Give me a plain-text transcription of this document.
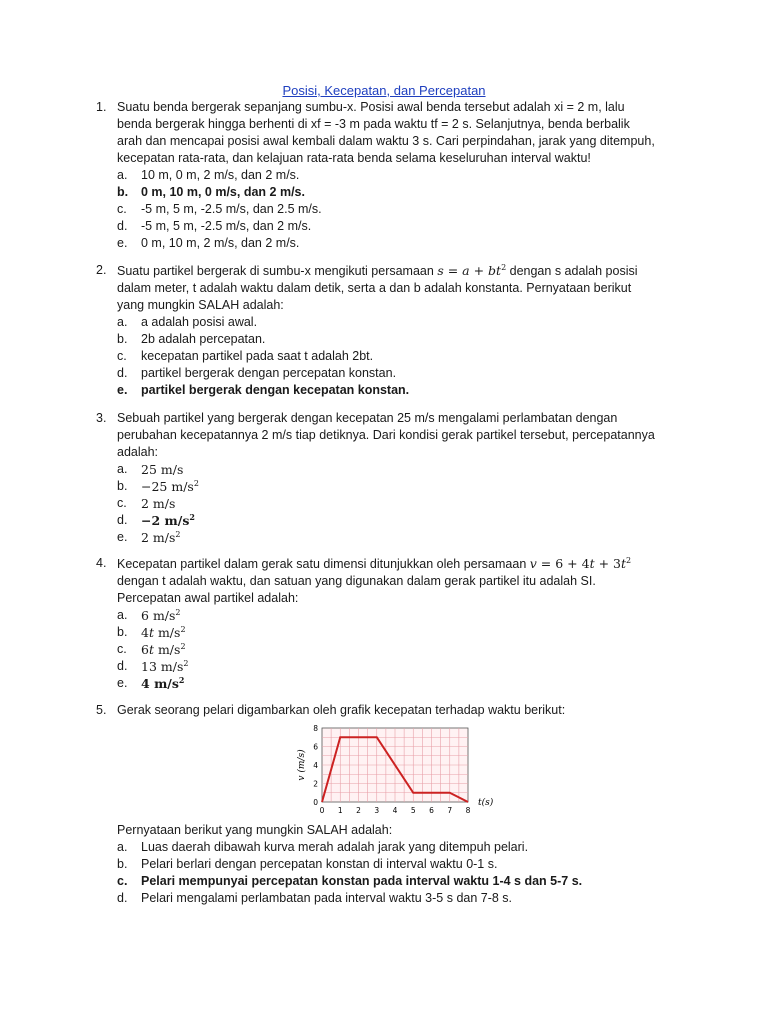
Posisi, Kecepatan, dan Percepatan
1. Suatu benda bergerak sepanjang sumbu-x. Posisi awal benda tersebut adalah xi = 2 m, lalu benda bergerak hingga berhenti di xf = -3 m pada waktu tf = 2 s. Selanjutnya, benda berbalik arah dan mencapai posisi awal kembali dalam waktu 3 s. Cari perpindahan, jarak yang ditempuh, kecepatan rata-rata, dan kelajuan rata-rata benda selama keseluruhan interval waktu!
a. 10 m, 0 m, 2 m/s, dan 2 m/s.
b. 0 m, 10 m, 0 m/s, dan 2 m/s.
c. -5 m, 5 m, -2.5 m/s, dan 2.5 m/s.
d. -5 m, 5 m, -2.5 m/s, dan 2 m/s.
e. 0 m, 10 m, 2 m/s, dan 2 m/s.
2. Suatu partikel bergerak di sumbu-x mengikuti persamaan $s = a + bt^2$ dengan s adalah posisi dalam meter, t adalah waktu dalam detik, serta a dan b adalah konstanta. Pernyataan berikut yang mungkin SALAH adalah:
a. a adalah posisi awal.
b. 2b adalah percepatan.
c. kecepatan partikel pada saat t adalah 2bt.
d. partikel bergerak dengan percepatan konstan.
e. partikel bergerak dengan kecepatan konstan.
3. Sebuah partikel yang bergerak dengan kecepatan 25 m/s mengalami perlambatan dengan perubahan kecepatannya 2 m/s tiap detiknya. Dari kondisi gerak partikel tersebut, percepatannya adalah:
a. 25 m/s
b. −25 $m/s^2$
c. 2 m/s
d. −2 $m/s^2$
e. 2 $m/s^2$
4. Kecepatan partikel dalam gerak satu dimensi ditunjukkan oleh persamaan $v = 6 + 4t + 3t^2$ dengan t adalah waktu, dan satuan yang digunakan dalam gerak partikel itu adalah SI. Percepatan awal partikel adalah:
a. 6 $m/s^2$
b. 4t $m/s^2$
c. 6t $m/s^2$
d. 13 $m/s^2$
e. 4 $m/s^2$
5. Gerak seorang pelari digambarkan oleh grafik kecepatan terhadap waktu berikut:
0 1 2 3 4 5 6 7 8
0
2
4
6
8
v (m/s)
t(s)
Pernyataan berikut yang mungkin SALAH adalah:
a. Luas daerah dibawah kurva merah adalah jarak yang ditempuh pelari.
b. Pelari berlari dengan percepatan konstan di interval waktu 0-1 s.
c. Pelari mempunyai percepatan konstan pada interval waktu 1-4 s dan 5-7 s.
d. Pelari mengalami perlambatan pada interval waktu 3-5 s dan 7-8 s.
